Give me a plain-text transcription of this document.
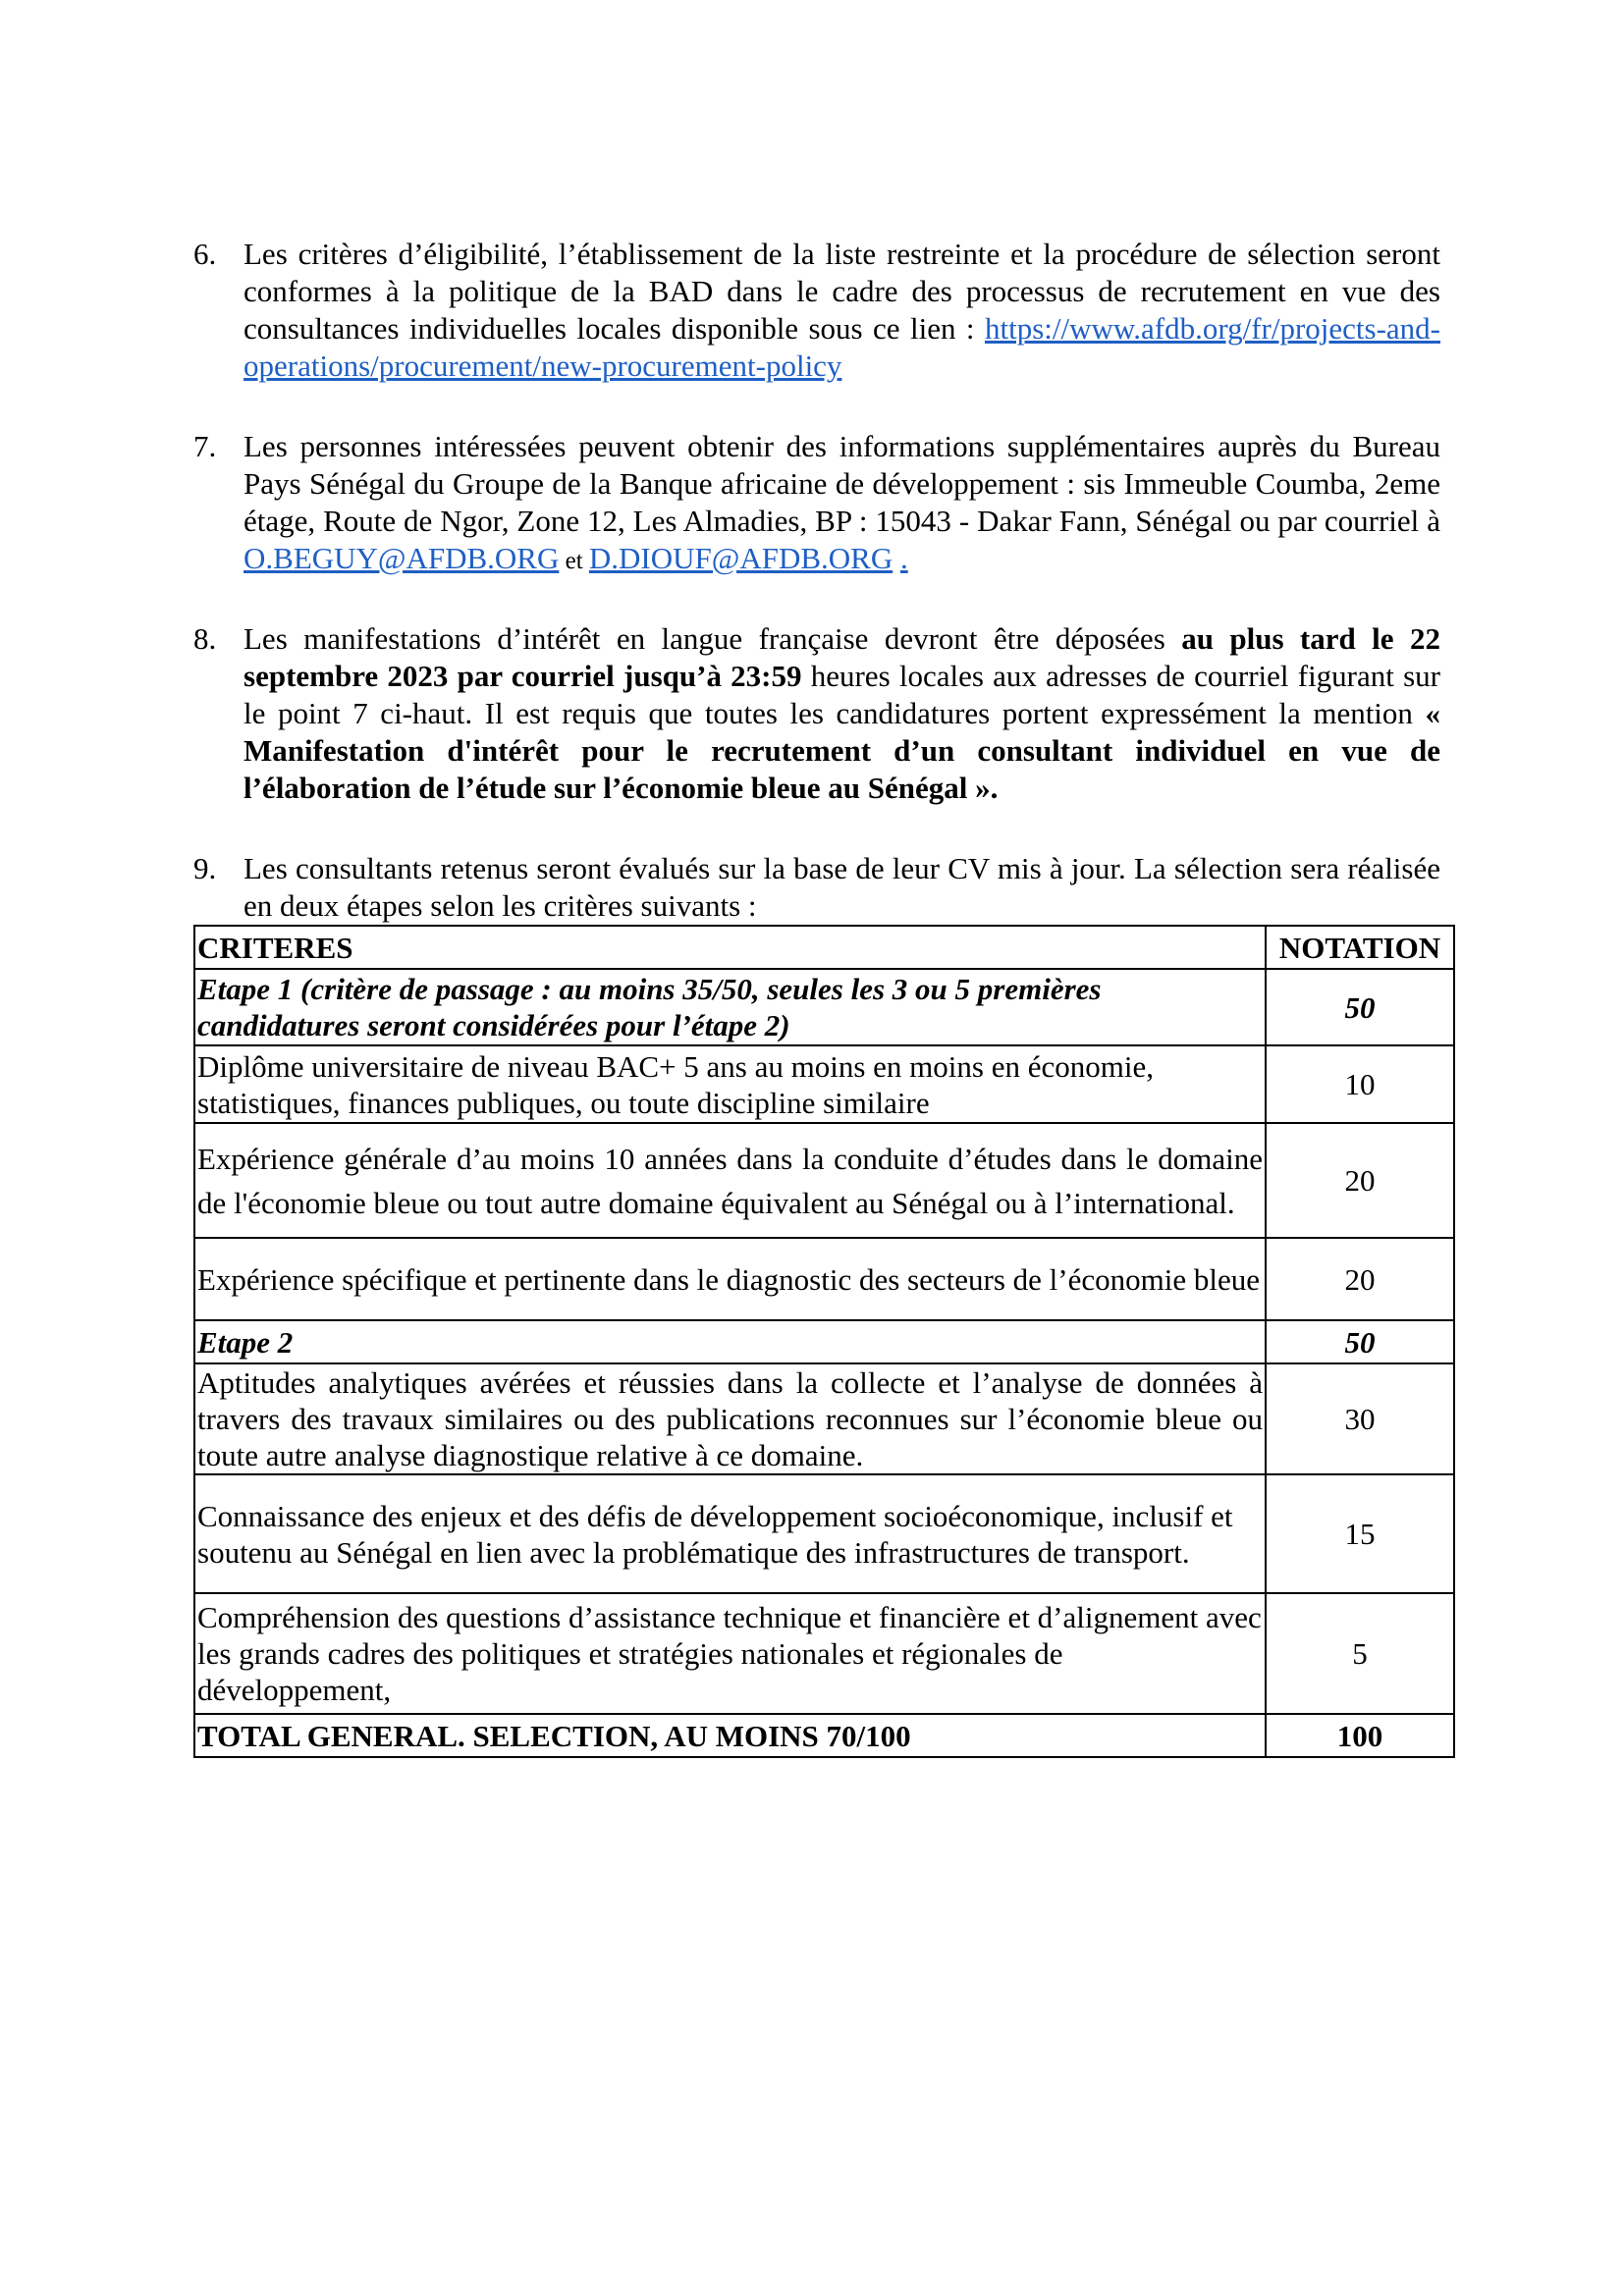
6. Les critères d’éligibilité, l’établissement de la liste restreinte et la procédure de sélection seront conformes à la politique de la BAD dans le cadre des processus de recrutement en vue des consultances individuelles locales disponible sous ce lien : https://www.afdb.org/fr/projects-and-operations/procurement/new-procurement-policy
7. Les personnes intéressées peuvent obtenir des informations supplémentaires auprès du Bureau Pays Sénégal du Groupe de la Banque africaine de développement : sis Immeuble Coumba, 2eme étage, Route de Ngor, Zone 12, Les Almadies, BP : 15043 - Dakar Fann, Sénégal ou par courriel à O.BEGUY@AFDB.ORG et D.DIOUF@AFDB.ORG .
8. Les manifestations d’intérêt en langue française devront être déposées au plus tard le 22 septembre 2023 par courriel jusqu’à 23:59 heures locales aux adresses de courriel figurant sur le point 7 ci-haut. Il est requis que toutes les candidatures portent expressément la mention « Manifestation d'intérêt pour le recrutement d’un consultant individuel en vue de l’élaboration de l’étude sur l’économie bleue au Sénégal ».
9. Les consultants retenus seront évalués sur la base de leur CV mis à jour. La sélection sera réalisée en deux étapes selon les critères suivants :
CRITERES	NOTATION
Etape 1 (critère de passage : au moins 35/50, seules les 3 ou 5 premières candidatures seront considérées pour l’étape 2)	50
Diplôme universitaire de niveau BAC+ 5 ans au moins en moins en économie, statistiques, finances publiques, ou toute discipline similaire	10
Expérience générale d’au moins 10 années dans la conduite d’études dans le domaine de l'économie bleue ou tout autre domaine équivalent au Sénégal ou à l’international.	20
Expérience spécifique et pertinente dans le diagnostic des secteurs de l’économie bleue	20
Etape 2	50
Aptitudes analytiques avérées et réussies dans la collecte et l’analyse de données à travers des travaux similaires ou des publications reconnues sur l’économie bleue ou toute autre analyse diagnostique relative à ce domaine.	30
Connaissance des enjeux et des défis de développement socioéconomique, inclusif et soutenu au Sénégal en lien avec la problématique des infrastructures de transport.	15
Compréhension des questions d’assistance technique et financière et d’alignement avec les grands cadres des politiques et stratégies nationales et régionales de développement,	5
TOTAL GENERAL. SELECTION, AU MOINS 70/100	100
